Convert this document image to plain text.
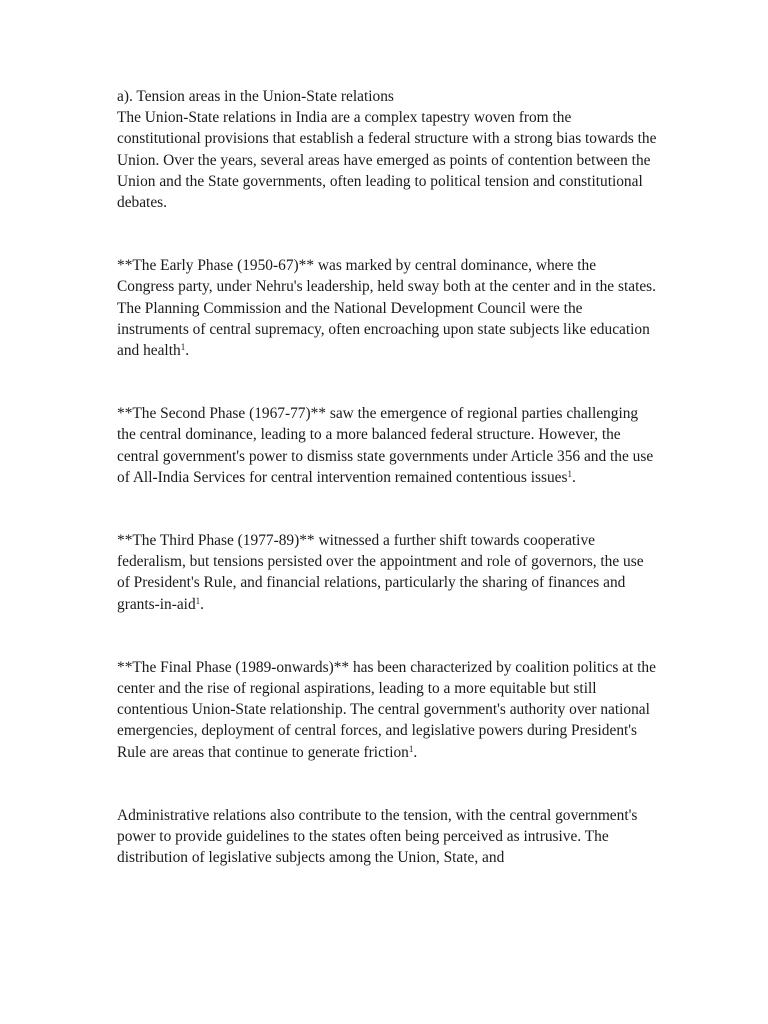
a). Tension areas in the Union-State relations

The Union-State relations in India are a complex tapestry woven from the constitutional provisions that establish a federal structure with a strong bias towards the Union. Over the years, several areas have emerged as points of contention between the Union and the State governments, often leading to political tension and constitutional debates.

**The Early Phase (1950-67)** was marked by central dominance, where the Congress party, under Nehru's leadership, held sway both at the center and in the states. The Planning Commission and the National Development Council were the instruments of central supremacy, often encroaching upon state subjects like education and health$^1$.

**The Second Phase (1967-77)** saw the emergence of regional parties challenging the central dominance, leading to a more balanced federal structure. However, the central government's power to dismiss state governments under Article 356 and the use of All-India Services for central intervention remained contentious issues$^1$.

**The Third Phase (1977-89)** witnessed a further shift towards cooperative federalism, but tensions persisted over the appointment and role of governors, the use of President's Rule, and financial relations, particularly the sharing of finances and grants-in-aid$^1$.

**The Final Phase (1989-onwards)** has been characterized by coalition politics at the center and the rise of regional aspirations, leading to a more equitable but still contentious Union-State relationship. The central government's authority over national emergencies, deployment of central forces, and legislative powers during President's Rule are areas that continue to generate friction$^1$.

Administrative relations also contribute to the tension, with the central government's power to provide guidelines to the states often being perceived as intrusive. The distribution of legislative subjects among the Union, State, and
